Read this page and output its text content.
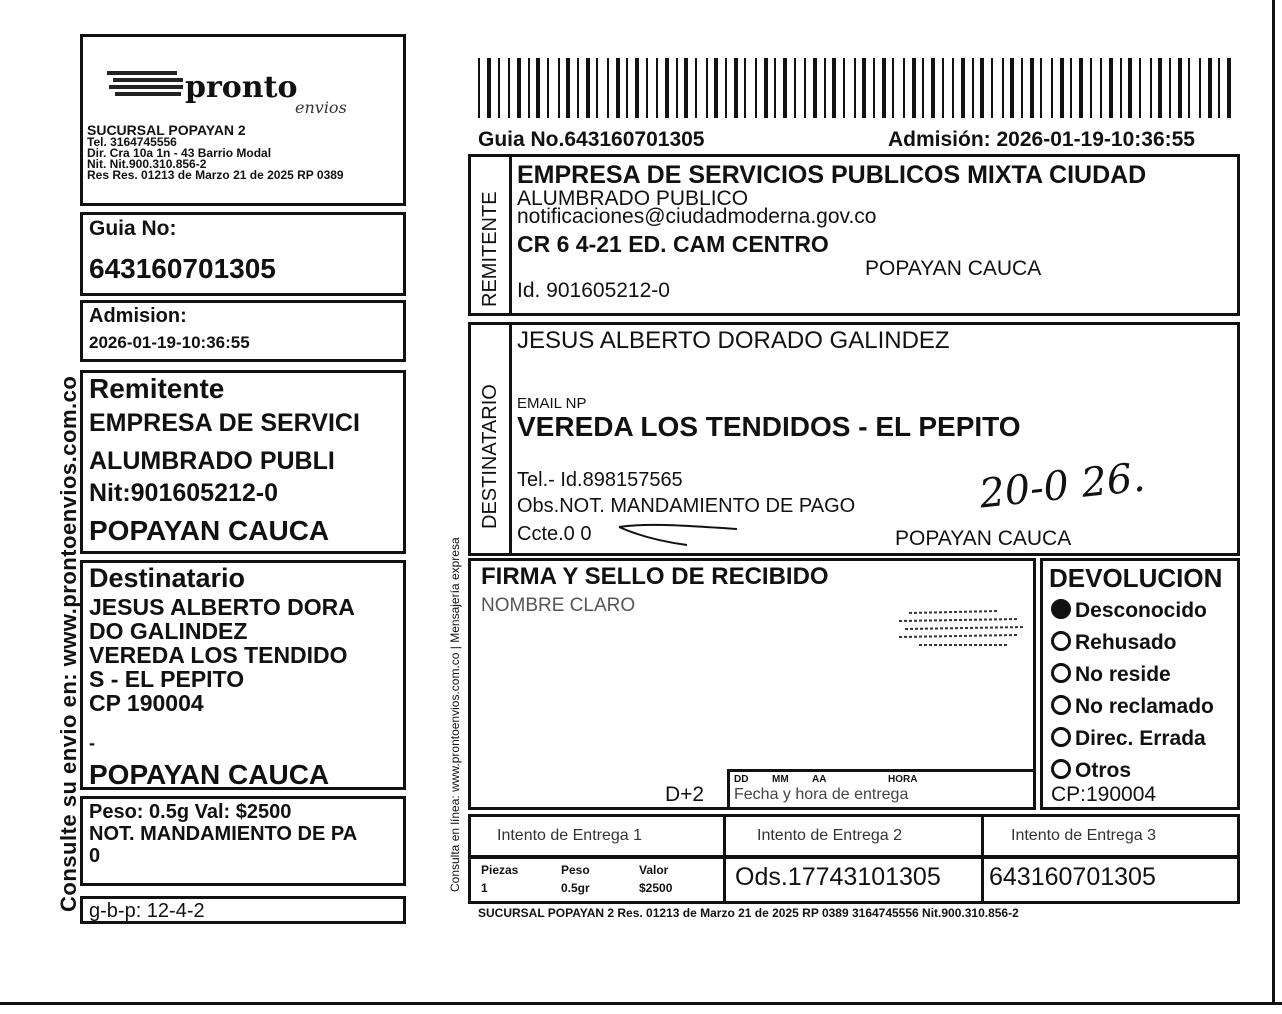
Consulte su envio en: www.prontoenvios.com.co
pronto
envios
SUCURSAL POPAYAN 2
Tel. 3164745556
Dir. Cra 10a 1n - 43 Barrio Modal
Nit. Nit.900.310.856-2
Res Res. 01213 de Marzo 21 de 2025 RP 0389
Guia No:
643160701305
Admision:
2026-01-19-10:36:55
Remitente
EMPRESA DE SERVICI
ALUMBRADO PUBLI
Nit:901605212-0
POPAYAN CAUCA
Destinatario
JESUS ALBERTO DORA
DO GALINDEZ
VEREDA LOS TENDIDO
S - EL PEPITO
CP 190004
-
POPAYAN CAUCA
Peso: 0.5g Val: $2500
NOT. MANDAMIENTO DE PA
0
g-b-p: 12-4-2
Consulta en línea: www.prontoenvios.com.co | Mensajería expresa
Guia No.643160701305	Admisión: 2026-01-19-10:36:55
REMITENTE
EMPRESA DE SERVICIOS PUBLICOS MIXTA CIUDAD
ALUMBRADO PUBLICO
notificaciones@ciudadmoderna.gov.co
CR 6 4-21 ED. CAM CENTRO
POPAYAN CAUCA
Id. 901605212-0
DESTINATARIO
JESUS ALBERTO DORADO GALINDEZ
EMAIL NP
VEREDA LOS TENDIDOS - EL PEPITO
Tel.- Id.898157565
Obs.NOT. MANDAMIENTO DE PAGO
Ccte.0 0	POPAYAN CAUCA
20-0 26.
FIRMA Y SELLO DE RECIBIDO
NOMBRE CLARO
D+2
DD MM AA	HORA
Fecha y hora de entrega
DEVOLUCION
Desconocido
Rehusado
No reside
No reclamado
Direc. Errada
Otros
CP:190004
Intento de Entrega 1	Intento de Entrega 2	Intento de Entrega 3
Piezas	Peso	Valor
1	0.5gr	$2500	Ods.17743101305 643160701305
SUCURSAL POPAYAN 2 Res. 01213 de Marzo 21 de 2025 RP 0389 3164745556 Nit.900.310.856-2
